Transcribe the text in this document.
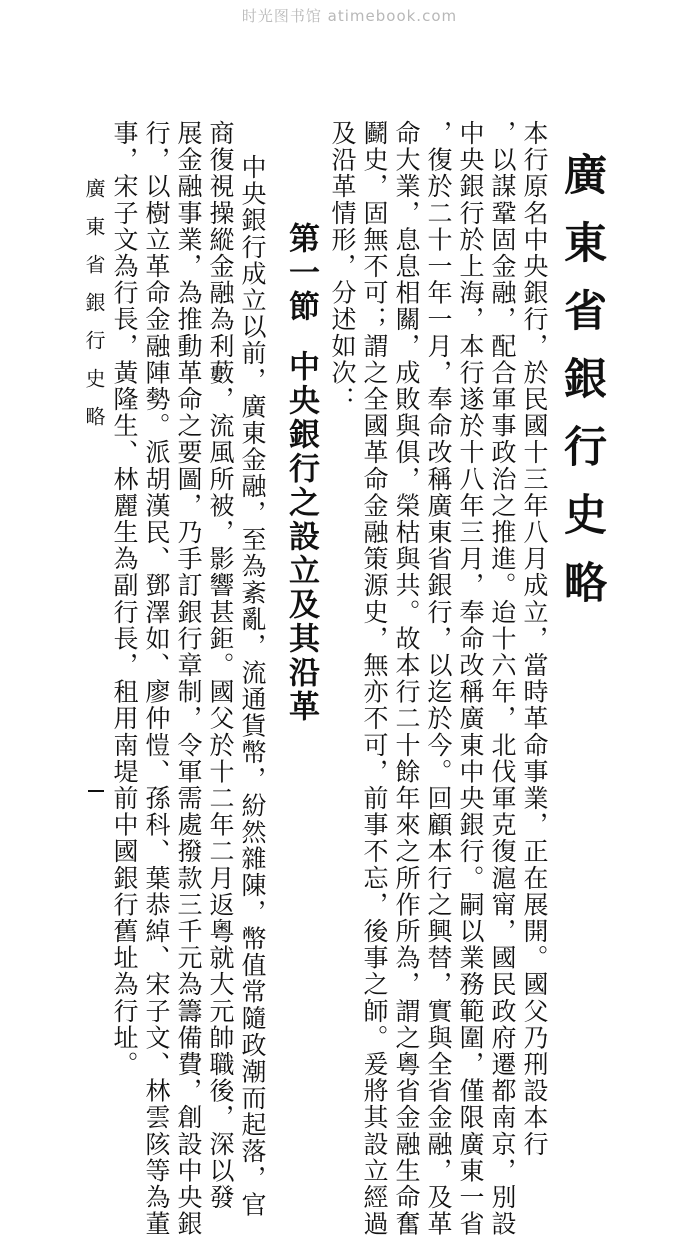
时光图书馆 atimebook.com
廣東省銀行史略
本行原名中央銀行，於民國十三年八月成立，當時革命事業，正在展開。國父乃𠛬設本行
，以謀鞏固金融，配合軍事政治之推進。迨十六年，北伐軍克復滬甯，國民政府遷都南京，別設
中央銀行於上海，本行遂於十八年三月，奉命改稱廣東中央銀行。嗣以業務範圍，僅限廣東一省
，復於二十一年一月，奉命改稱廣東省銀行，以迄於今。回顧本行之興替，實與全省金融，及革
命大業，息息相關，成敗與俱，榮枯與共。故本行二十餘年來之所作所為，謂之粵省金融生命奮
鬬史，固無不可；謂之全國革命金融策源史，無亦不可，前事不忘，後事之師。爰將其設立經過
及沿革情形，分述如次：
第一節中央銀行之設立及其沿革
中央銀行成立以前，廣東金融，至為紊亂，流通貨幣，紛然雜陳，幣值常隨政潮而起落，官
商復視操縱金融為利藪，流風所被，影響甚鉅。國父於十二年二月返粵就大元帥職後，深以發
展金融事業，為推動革命之要圖，乃手訂銀行章制，令軍需處撥款三千元為籌備費，創設中央銀
行，以樹立革命金融陣勢。派胡漢民、鄧澤如、廖仲愷、孫科、葉恭綽、宋子文、林雲陔等為董
事，宋子文為行長，黃隆生、林麗生為副行長，租用南堤前中國銀行舊址為行址。
廣東省銀行史略
